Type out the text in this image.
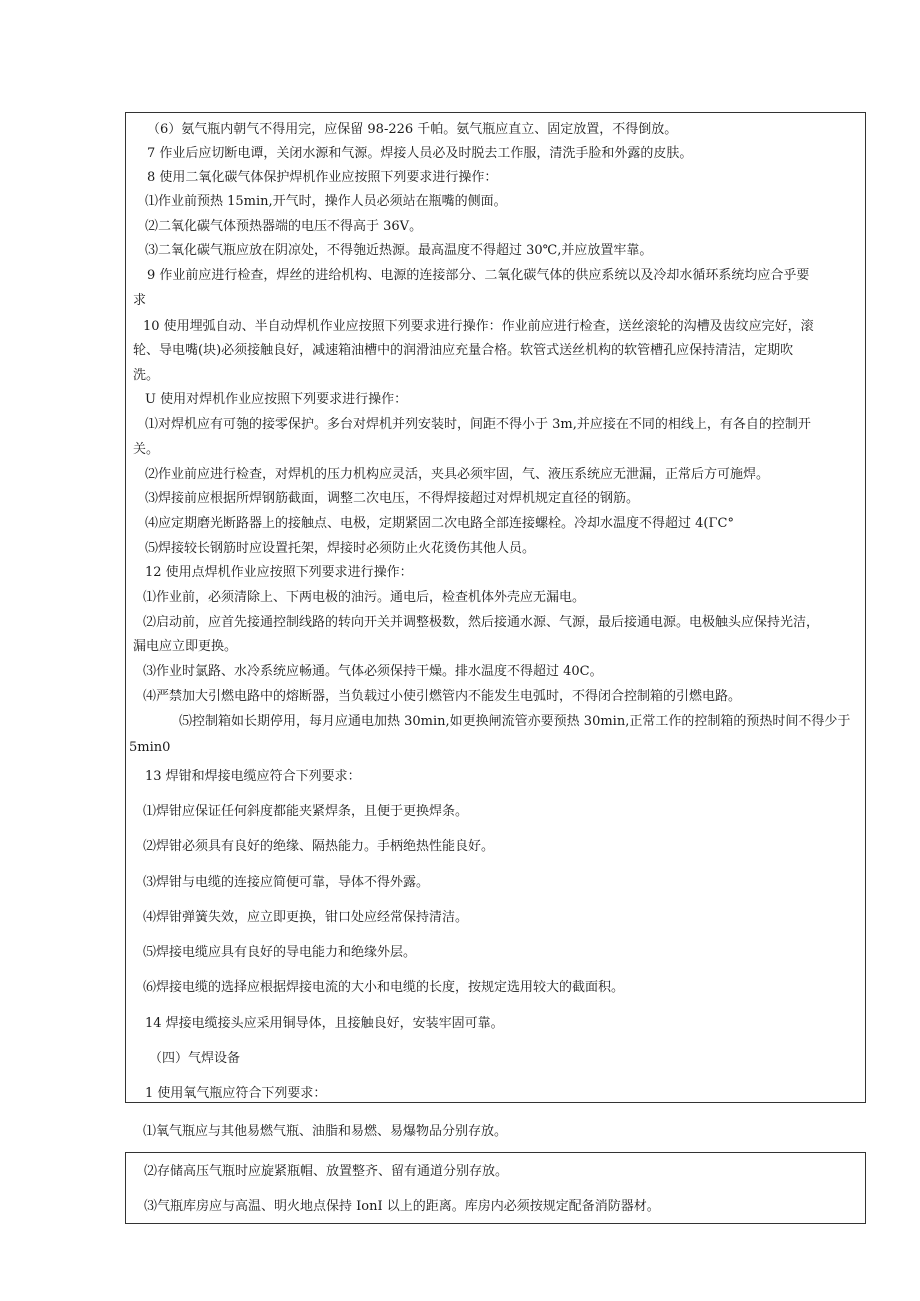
（6）氨气瓶内朝气不得用完，应保留 98-226 千帕。氨气瓶应直立、固定放置，不得倒放。
7 作业后应切断电谭，关闭水源和气源。焊接人员必及时脱去工作服，清洗手脸和外露的皮肤。
8 使用二氧化碳气体保护焊机作业应按照下列要求进行操作：
⑴作业前预热 15min,开气时，操作人员必须站在瓶嘴的侧面。
⑵二氧化碳气体预热器端的电压不得高于 36V。
⑶二氧化碳气瓶应放在阴凉处，不得匏近热源。最高温度不得超过 30℃,并应放置牢靠。
9 作业前应进行检查，焊丝的进给机构、电源的连接部分、二氧化碳气体的供应系统以及冷却水循环系统均应合乎要
求
10 使用埋弧自动、半自动焊机作业应按照下列要求进行操作：作业前应进行检查，送丝滚轮的沟槽及齿纹应完好，滚
轮、导电嘴(块)必须接触良好，减速箱油槽中的润滑油应充量合格。软管式送丝机构的软管槽孔应保持清洁，定期吹
洗。
U 使用对焊机作业应按照下列要求进行操作：
⑴对焊机应有可匏的接零保护。多台对焊机并列安装时，间距不得小于 3m,并应接在不同的相线上，有各自的控制开
关。
⑵作业前应进行检查，对焊机的压力机构应灵活，夹具必须牢固，气、液压系统应无泄漏，正常后方可施焊。
⑶焊接前应根据所焊钢筋截面，调整二次电压，不得焊接超过对焊机规定直径的钢筋。
⑷应定期磨光断路器上的接触点、电极，定期紧固二次电路全部连接螺栓。冷却水温度不得超过 4(ΓC°
⑸焊接较长钢筋时应设置托架，焊接时必须防止火花烫伤其他人员。
12 使用点焊机作业应按照下列要求进行操作：
⑴作业前，必须清除上、下两电极的油污。通电后，检查机体外壳应无漏电。
⑵启动前，应首先接通控制线路的转向开关并调整极数，然后接通水源、气源，最后接通电源。电极触头应保持光洁，
漏电应立即更换。
⑶作业时氯路、水冷系统应畅通。气体必须保持干燥。排水温度不得超过 40C。
⑷严禁加大引燃电路中的熔断器，当负载过小使引燃管内不能发生电弧时，不得闭合控制箱的引燃电路。
⑸控制箱如长期停用，每月应通电加热 30min,如更换闸流管亦要预热 30min,正常工作的控制箱的预热时间不得少于
5min0
13 焊钳和焊接电缆应符合下列要求：
⑴焊钳应保证任何斜度都能夹紧焊条，且便于更换焊条。
⑵焊钳必须具有良好的绝缘、隔热能力。手柄绝热性能良好。
⑶焊钳与电缆的连接应简便可靠，导体不得外露。
⑷焊钳弹簧失效，应立即更换，钳口处应经常保持清洁。
⑸焊接电缆应具有良好的导电能力和绝缘外层。
⑹焊接电缆的选择应根据焊接电流的大小和电缆的长度，按规定选用较大的截面积。
14 焊接电缆接头应采用铜导体，且接触良好，安装牢固可靠。
（四）气焊设备
1 使用氧气瓶应符合下列要求：
⑴氧气瓶应与其他易燃气瓶、油脂和易燃、易爆物品分别存放。
⑵存储高压气瓶时应旋紧瓶帽、放置整齐、留有通道分别存放。
⑶气瓶库房应与高温、明火地点保持 IonI 以上的距离。库房内必须按规定配备消防器材。
